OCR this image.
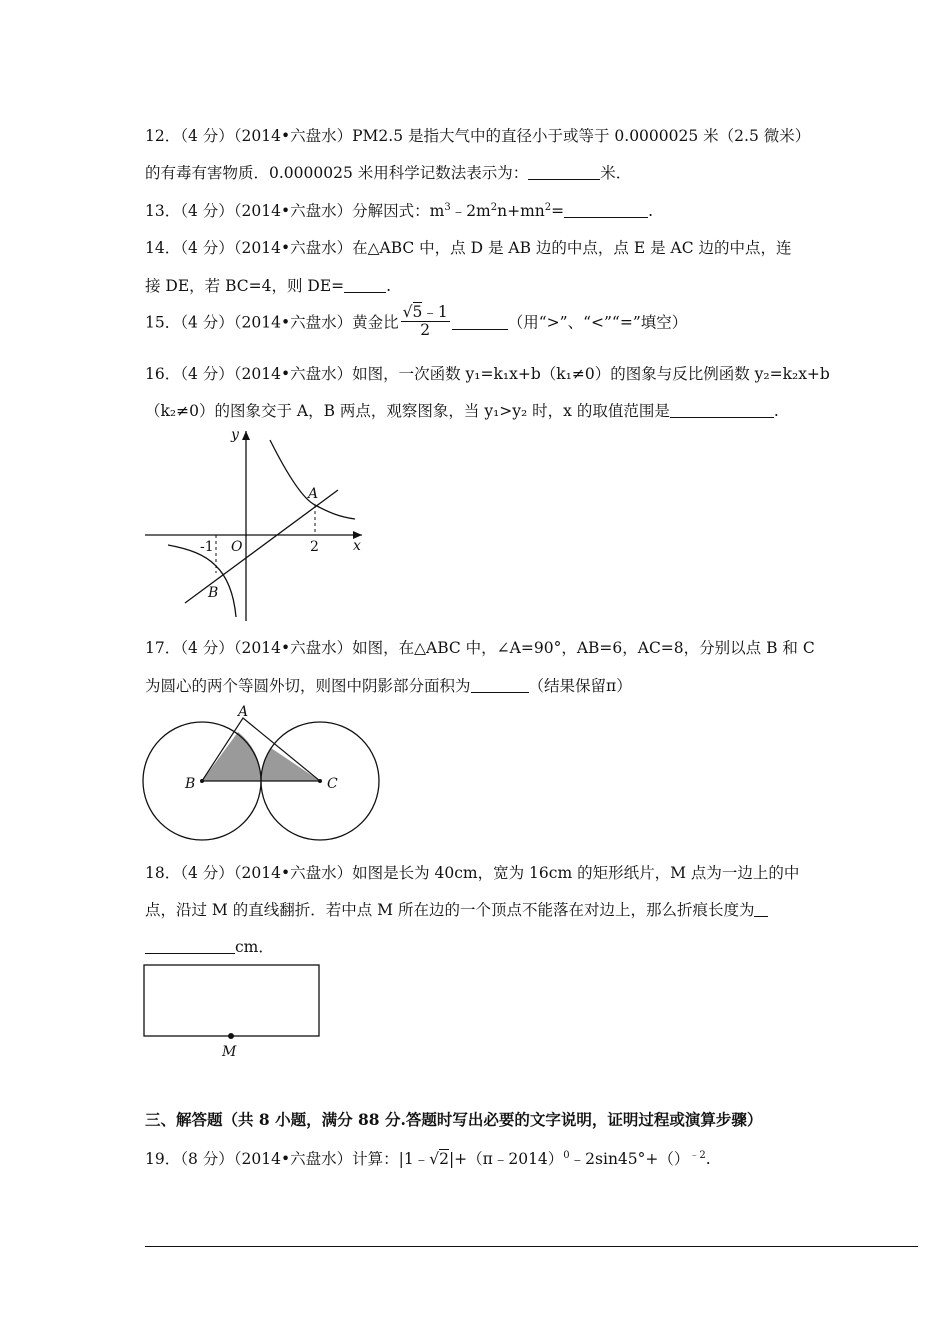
12．（4 分）（2014•六盘水）PM2.5 是指大气中的直径小于或等于 0.0000025 米（2.5 微米）
的有毒有害物质．0.0000025 米用科学记数法表示为：	米．
13．（4 分）（2014•六盘水）分解因式：$m^3﹣2m^2n+mn^2=$	.
14．（4 分）（2014•六盘水）在△ABC 中，点 D 是 AB 边的中点，点 E 是 AC 边的中点，连
接 DE，若 BC=4，则 DE=	.
15．（4 分）（2014•六盘水）黄金比 $\frac{√5﹣1}{2}$	（用“>”、“<”“=”填空）
16．（4 分）（2014•六盘水）如图，一次函数 y₁=k₁x+b（k₁≠0）的图象与反比例函数 y₂=k₂x+b
（k₂≠0）的图象交于 A，B 两点，观察图象，当 y₁>y₂ 时，x 的取值范围是	.
y
x
O
-1	2
A
B
17．（4 分）（2014•六盘水）如图，在△ABC 中，∠A=90°，AB=6，AC=8，分别以点 B 和 C
为圆心的两个等圆外切，则图中阴影部分面积为	（结果保留π）
A
B	C
18．（4 分）（2014•六盘水）如图是长为 40cm，宽为 16cm 的矩形纸片，M 点为一边上的中
点，沿过 M 的直线翻折．若中点 M 所在边的一个顶点不能落在对边上，那么折痕长度为
cm．
M
三、解答题（共 8 小题，满分 88 分.答题时写出必要的文字说明，证明过程或演算步骤）
19．（8 分）（2014•六盘水）计算：|1﹣√2|+（π﹣2014）$^0$﹣2sin45°+（）$^{﹣2}$.
